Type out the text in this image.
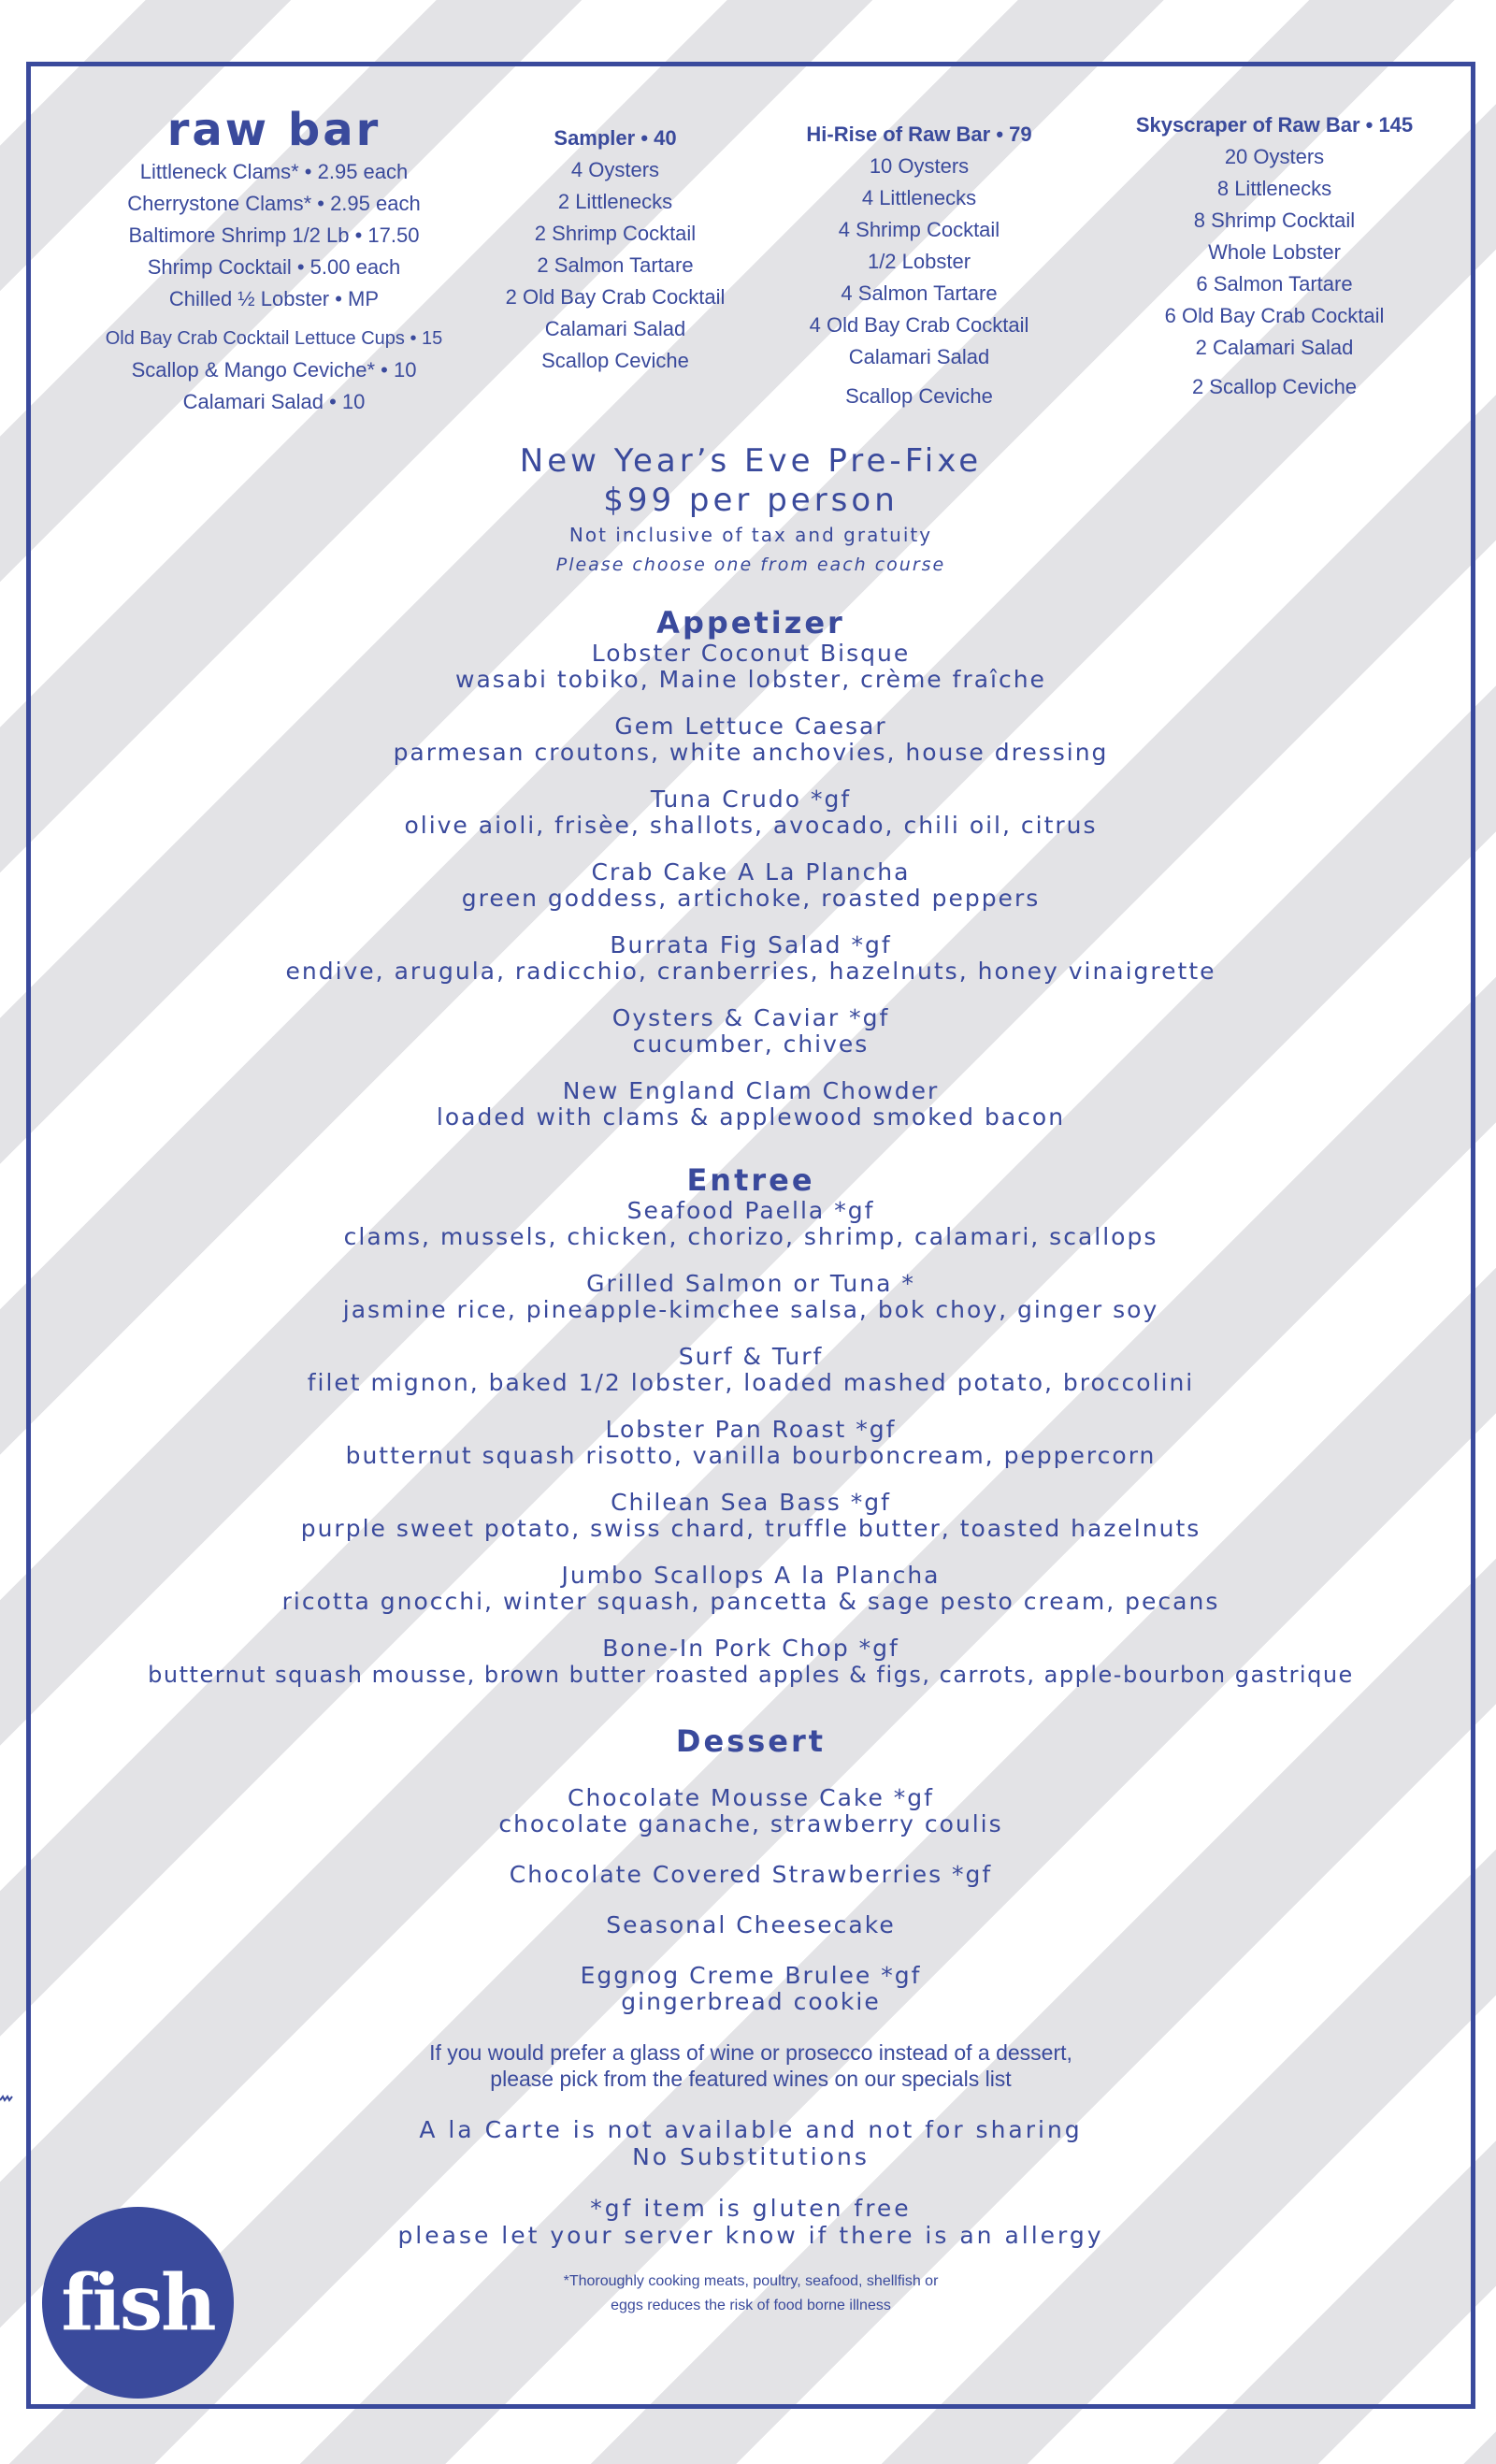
raw bar
Littleneck Clams* • 2.95 each
Cherrystone Clams* • 2.95 each
Baltimore Shrimp 1/2 Lb • 17.50
Shrimp Cocktail • 5.00 each
Chilled ½ Lobster • MP
Old Bay Crab Cocktail Lettuce Cups • 15
Scallop & Mango Ceviche* • 10
Calamari Salad • 10
Sampler • 40
4 Oysters
2 Littlenecks
2 Shrimp Cocktail
2 Salmon Tartare
2 Old Bay Crab Cocktail
Calamari Salad
Scallop Ceviche
Hi-Rise of Raw Bar • 79
10 Oysters
4 Littlenecks
4 Shrimp Cocktail
1/2 Lobster
4 Salmon Tartare
4 Old Bay Crab Cocktail
Calamari Salad
Scallop Ceviche
Skyscraper of Raw Bar • 145
20 Oysters
8 Littlenecks
8 Shrimp Cocktail
Whole Lobster
6 Salmon Tartare
6 Old Bay Crab Cocktail
2 Calamari Salad
2 Scallop Ceviche
New Year’s Eve Pre-Fixe
$99 per person
Not inclusive of tax and gratuity
Please choose one from each course
Appetizer
Lobster Coconut Bisque
wasabi tobiko, Maine lobster, crème fraîche
Gem Lettuce Caesar
parmesan croutons, white anchovies, house dressing
Tuna Crudo *gf
olive aioli, frisèe, shallots, avocado, chili oil, citrus
Crab Cake A La Plancha
green goddess, artichoke, roasted peppers
Burrata Fig Salad *gf
endive, arugula, radicchio, cranberries, hazelnuts, honey vinaigrette
Oysters & Caviar *gf
cucumber, chives
New England Clam Chowder
loaded with clams & applewood smoked bacon
Entree
Seafood Paella *gf
clams, mussels, chicken, chorizo, shrimp, calamari, scallops
Grilled Salmon or Tuna *
jasmine rice, pineapple-kimchee salsa, bok choy, ginger soy
Surf & Turf
filet mignon, baked 1/2 lobster, loaded mashed potato, broccolini
Lobster Pan Roast *gf
butternut squash risotto, vanilla bourboncream, peppercorn
Chilean Sea Bass *gf
purple sweet potato, swiss chard, truffle butter, toasted hazelnuts
Jumbo Scallops A la Plancha
ricotta gnocchi, winter squash, pancetta & sage pesto cream, pecans
Bone-In Pork Chop *gf
butternut squash mousse, brown butter roasted apples & figs, carrots, apple-bourbon gastrique
Dessert
Chocolate Mousse Cake *gf
chocolate ganache, strawberry coulis
Chocolate Covered Strawberries *gf
Seasonal Cheesecake
Eggnog Creme Brulee *gf
gingerbread cookie
If you would prefer a glass of wine or prosecco instead of a dessert,
please pick from the featured wines on our specials list
A la Carte is not available and not for sharing
No Substitutions
*gf item is gluten free
please let your server know if there is an allergy
*Thoroughly cooking meats, poultry, seafood, shellfish or
eggs reduces the risk of food borne illness
fish
